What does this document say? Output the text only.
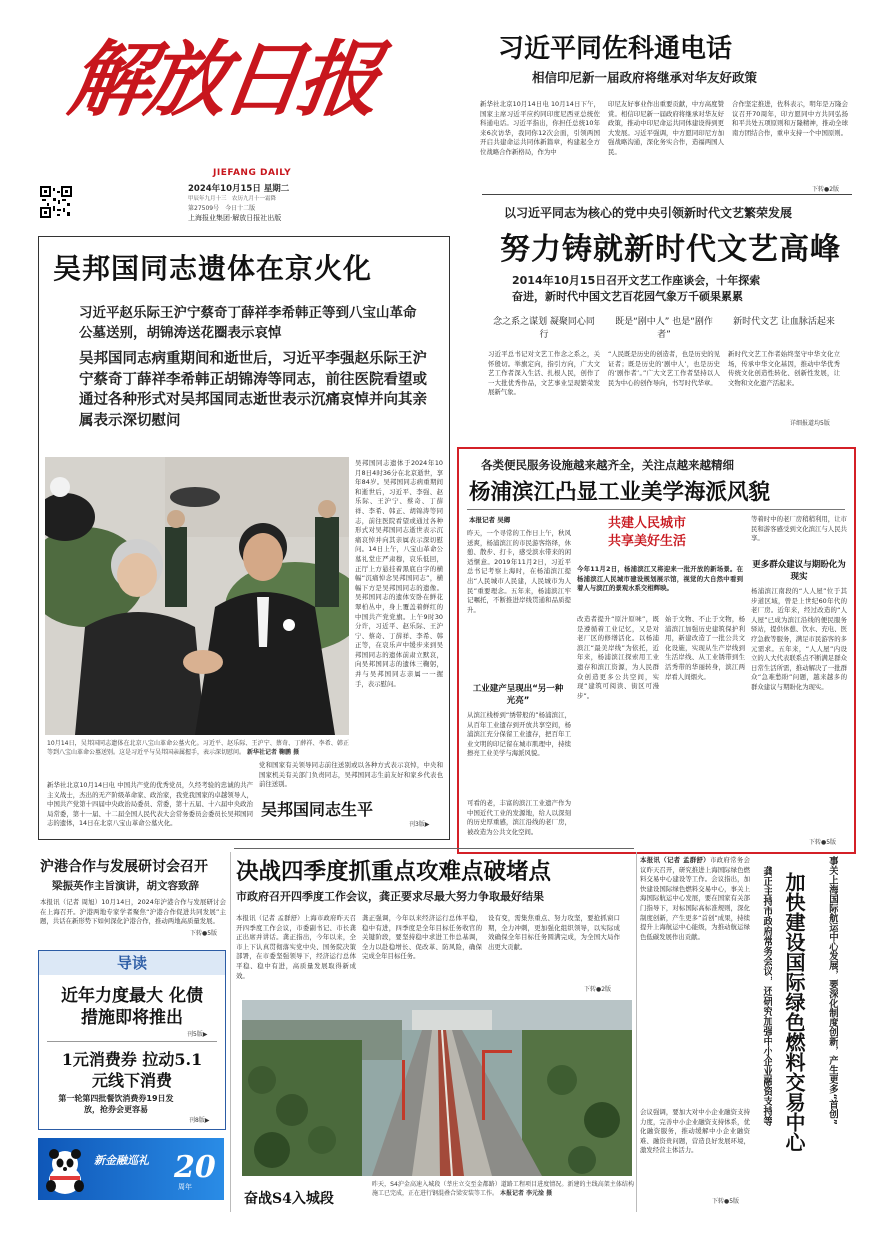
解放日报
JIEFANG DAILY
2024年10月15日 星期二
甲辰年九月十三　农历九月十一霜降
第27509号　今日十二版
上海报业集团·解放日报社出版
习近平同佐科通电话
相信印尼新一届政府将继承对华友好政策
新华社北京10月14日电 10月14日下午，国家主席习近平应约同印度尼西亚总统佐科通电话。习近平指出，你担任总统10年来6次访华，我同你12次会面，引领两国开启共建命运共同体新篇章，构建起全方位战略合作新格局，作为中
印尼友好事业作出重要贡献，中方高度赞赏。相信印尼新一届政府将继承对华友好政策，推动中印尼命运共同体建设得到更大发展。习近平强调，中方愿同印尼方加强战略沟通，深化务实合作，造福两国人民。
合作坚定推进，佐科表示，明年是万隆会议召开70周年，印方愿同中方共同弘扬和平共处五项原则和万隆精神，推动全球南方团结合作，重申支持一个中国原则。
下转●2版
以习近平同志为核心的党中央引领新时代文艺繁荣发展
努力铸就新时代文艺高峰
2014年10月15日召开文艺工作座谈会，十年探索
奋进，新时代中国文艺百花园气象万千硕果累累
念之系之谋划 凝聚同心同行
既是“剧中人” 也是“剧作者”
新时代文艺 让血脉活起来
习近平总书记对文艺工作念之系之，关怀殷切。举旗定向，指引方向，广大文艺工作者深入生活、扎根人民，创作了一大批优秀作品，文艺事业呈现繁荣发展新气象。
“人民既是历史的创造者，也是历史的见证者；既是历史的‘剧中人’，也是历史的‘剧作者’。”广大文艺工作者坚持以人民为中心的创作导向，书写时代华章。
新时代文艺工作者始终坚守中华文化立场，传承中华文化基因，推动中华优秀传统文化创造性转化、创新性发展，让文物和文化遗产活起来。
详细报道均5版
吴邦国同志遗体在京火化
习近平赵乐际王沪宁蔡奇丁薛祥李希韩正等到八宝山革命公墓送别，胡锦涛送花圈表示哀悼
吴邦国同志病重期间和逝世后，习近平李强赵乐际王沪宁蔡奇丁薛祥李希韩正胡锦涛等同志，前往医院看望或通过各种形式对吴邦国同志逝世表示沉痛哀悼并向其亲属表示深切慰问
10月14日，吴邦国同志遗体在北京八宝山革命公墓火化。习近平、赵乐际、王沪宁、蔡奇、丁薛祥、李希、韩正等到八宝山革命公墓送别。这是习近平与吴邦国亲属握手，表示深切慰问。 新华社记者 鞠鹏 摄
吴邦国同志遗体于2024年10月8日4时36分在北京逝世，享年84岁。吴邦国同志病重期间和逝世后，习近平、李强、赵乐际、王沪宁、蔡奇、丁薛祥、李希、韩正、胡锦涛等同志，前往医院看望或通过各种形式对吴邦国同志逝世表示沉痛哀悼并向其亲属表示深切慰问。14日上午，八宝山革命公墓礼堂庄严肃穆，哀乐低回，正厅上方悬挂着黑底白字的横幅“沉痛悼念吴邦国同志”，横幅下方是吴邦国同志的遗像。吴邦国同志的遗体安卧在鲜花翠柏丛中，身上覆盖着鲜红的中国共产党党旗。上午9时30分许，习近平、赵乐际、王沪宁、蔡奇、丁薛祥、李希、韩正等，在哀乐声中缓步来到吴邦国同志的遗体前肃立默哀，向吴邦国同志的遗体三鞠躬，并与吴邦国同志亲属一一握手，表示慰问。
新华社北京10月14日电 中国共产党的优秀党员，久经考验的忠诚的共产主义战士，杰出的无产阶级革命家、政治家，我党我国家的卓越领导人，中国共产党第十四届中央政治局委员、常委，第十五届、十六届中央政治局常委，第十一届、十二届全国人民代表大会常务委员会委员长吴邦国同志的遗体，14日在北京八宝山革命公墓火化。
党和国家有关领导同志前往送别或以各种方式表示哀悼，中央和国家机关有关部门负责同志，吴邦国同志生前友好和家乡代表也前往送别。
吴邦国同志生平
刊3版▶
各类便民服务设施越来越齐全，关注点越来越精细
杨浦滨江凸显工业美学海派风貌
本报记者 吴卿	共建人民城市
共享美好生活
昨天，一个寻常的工作日上午，秋风送爽，杨浦滨江的市民游客络绎，休憩、散步、打卡，感受滨水带来的闲适惬意。2019年11月2日，习近平总书记考察上海时，在杨浦滨江提出“人民城市人民建，人民城市为人民”重要理念。五年来，杨浦滨江牢记嘱托，不断推进岸线贯通和品质提升。
今年11月2日，杨浦滨江又将迎来一批开放的新场景。在杨浦滨江人民城市建设规划展示馆，视觉的大自然中看到着人与滨江的景观水系交相辉映。
工业建产呈现出“另一种光亮”
从滨江栈桥到“绣带般的”杨浦滨江，从百年工业遗存到开放共享空间，杨浦滨江充分保留工业遗存，把百年工业文明的印记留在城市肌理中，持续擦亮工业美学与海派风貌。
可看的老，丰富的滨江工业遗产作为中国近代工业的发源地，给人以深刻的历史厚重感，滨江沿线的老厂房，被改造为公共文化空间。
改造者提升“原汁原味”，既是遵循着工业记忆，又是对老厂区的修缮活化。以杨浦滨江“最美岸线”为依托，近年来，杨浦滨江探索用工业遗存和滨江资源，为人民群众创造更多公共空间，实现“建筑可阅读、街区可漫步”。
始于文物、不止于文物，杨浦滨江加强历史建筑保护利用，新建改造了一批公共文化设施，实现从生产岸线到生活岸线、从工业锈带到生活秀带的华丽转身，滨江两岸看人间烟火。
等着时中的老厂房稍稍利用，让市民和游客感受到文化滨江与人民共享。
更多群众建议与期盼化为现实
杨浦滨江南段的“人人屋”位于其步道区域，曾是上世纪60年代的老厂房。近年来，经过改造的“人人屋”已成为滨江沿线的便民服务驿站，提供休憩、饮水、充电、医疗急救等服务，满足市民游客的多元需求。五年来，“人人屋”内设立的人大代表联系点不断满足群众日常生活所需，推动解决了一批群众“急难愁盼”问题，越来越多的群众建议与期盼化为现实。
下转●5版
沪港合作与发展研讨会召开
梁振英作主旨演讲，胡文容致辞
本报讯（记者 周旭）10月14日，2024年沪港合作与发展研讨会在上海召开。沪港两地专家学者聚焦“沪港合作促进共同发展”主题，共话在新形势下如何深化沪港合作，推动两地高质量发展。
下转●5版
导读
近年力度最大 化债措施即将推出
刊5版▶
1元消费券 拉动5.1元线下消费
第一轮第四批餐饮消费券19日发放，抢券会更容易
刊8版▶
新金融巡礼 20
周年
决战四季度抓重点攻难点破堵点
市政府召开四季度工作会议，龚正要求尽最大努力争取最好结果
本报讯（记者 孟群舒）上海市政府昨天召开四季度工作会议，市委副书记、市长龚正出席并讲话。龚正指出，今年以来，全市上下认真贯彻落实党中央、国务院决策部署，在市委坚强领导下，经济运行总体平稳、稳中有进，高质量发展取得新成效。
龚正强调，今年以来经济运行总体平稳，稳中有进，四季度是全年目标任务收官的关键阶段，要坚持稳中求进工作总基调，全力以赴稳增长、促改革、防风险，确保完成全年目标任务。
设有变，需集焦重点、努力攻坚，要抢抓窗口期，全力冲刺，更加强化组织领导，以实际成效确保全年目标任务圆满完成，为全国大局作出更大贡献。
下转●2版
昨天，S4沪金高速入城段（莘庄立交至金都路）道路工程项目进度情况。新建的主线高架主体结构施工已完成，正在进行钢混叠合梁安装等工作。 本报记者 李元淦 摄
奋战S4入城段
本报讯（记者 孟群舒）市政府常务会议昨天召开，研究推进上海国际绿色燃料交易中心建设等工作。会议指出，加快建设国际绿色燃料交易中心，事关上海国际航运中心发展，要在国家有关部门指导下，对标国际高标准规则，深化制度创新，产生更多“首创”成果，持续提升上海航运中心能级，为推动航运绿色低碳发展作出贡献。
会议强调，要加大对中小企业融资支持力度，完善中小企业融资支持体系，优化融资服务，推动缓解中小企业融资难、融资贵问题，营造良好发展环境，激发经营主体活力。
下转●5版
龚正主持市政府常务会议，还研究加强中小企业融资支持等 加快建设国际绿色燃料交易中心	事关上海国际航运中心发展，要深化制度创新，产生更多“首创”
